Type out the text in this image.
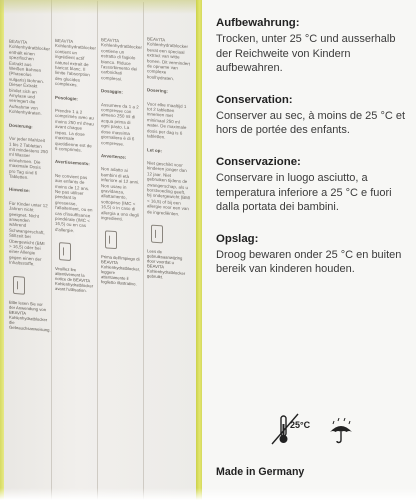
BEAVITA Kohlenhydratblocker enthält einen spezifischen Extrakt aus Weißen Bohnen (Phaseolus vulgaris) Bohnen. Dieser Extrakt bindet sich an Amylase und verringert die Aufnahme von Kohlenhydraten.
Dosierung:
Vor jeder Mahlzeit 1 bis 2 Tabletten mit mindestens 250 ml Wasser einnehmen. Die maximale Dosis pro Tag sind 6 Tabletten.
Hinweise:
Für Kinder unter 12 Jahren nicht geeignet. Nicht anwenden während Schwangerschaft, Stillzeit bei Übergewicht (BMI > 16,5) oder bei einer Allergie gegen einen der Inhaltsstoffe.
Bitte lesen Sie vor der Anwendung von BEAVITA Kohlenhydratblocker die Gebrauchsanweisung.
BEAVITA Kohlenhydratblocker contient un ingrédient actif naturel extrait de haricot blanc. Il limite l'absorption des glucides complexes.
Posologie:
Prendre 1 à 2 comprimés avec au moins 250 ml d'eau avant chaque repas. La dose maximale quotidienne est de 6 comprimés.
Avertissements:
Ne convient pas aux enfants de moins de 12 ans. Ne pas utiliser pendant la grossesse, l'allaitement, ou en cas d'insuffisance pondérale (IMC < 16,5) ou en cas d'allergie.
Veuillez lire attentivement la notice de BEAVITA Kohlenhydratblocker avant l'utilisation.
BEAVITA Kohlenhydratblocker contiene un estratto di fagiolo bianco. Riduce l'assorbimento dei carboidrati complessi.
Dosaggio:
Assumere da 1 a 2 compresse con almeno 250 ml di acqua prima di ogni pasto. La dose massima giornaliera è di 6 compresse.
Avvertenze:
Non adatto ai bambini di età inferiore ai 12 anni. Non usare in gravidanza, allattamento, sottopeso (IMC < 16,5) o in caso di allergia a uno degli ingredienti.
Prima dell'impiego di BEAVITA Kohlenhydratblocker, leggere attentamente il foglietto illustrativo.
BEAVITA Kohlenhydratblocker bevat een speciaal extract van witte bonen. Dit vermindert de opname van complexe koolhydraten.
Dosering:
Voor elke maaltijd 1 tot 2 tabletten innemen met minimaal 250 ml water. De maximale dosis per dag is 6 tabletten.
Let op:
Niet geschikt voor kinderen jonger dan 12 jaar. Niet gebruiken tijdens de zwangerschap, als u borstvoeding geeft, bij ondergewicht (BMI < 16,5) of bij een allergie voor een van de ingrediënten.
Lees de gebruiksaanwijzing door voordat u BEAVITA Kohlenhydratblocker gebruikt.
Aufbewahrung:
Trocken, unter 25 °C und ausserhalb der Reichweite von Kindern aufbewahren.
Conservation:
Conserver au sec, à moins de 25 °C et hors de portée des enfants.
Conservazione:
Conservare in luogo asciutto, a temperatura inferiore a 25 °C e fuori dalla portata dei bambini.
Opslag:
Droog bewaren onder 25 °C en buiten bereik van kinderen houden.
25°C
Made in Germany
